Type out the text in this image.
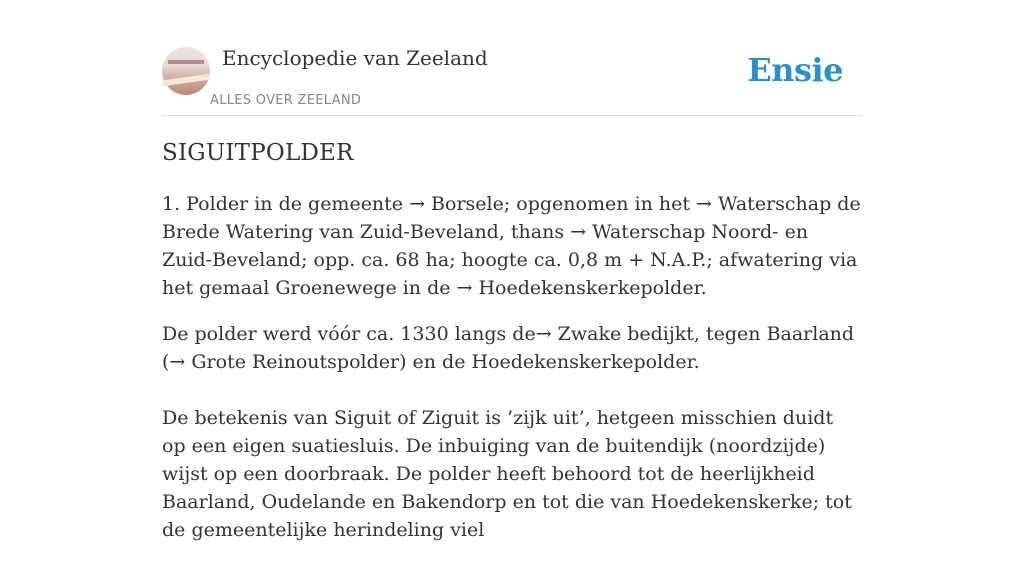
Encyclopedie van Zeeland
ALLES OVER ZEELAND
Ensie
SIGUITPOLDER

1. Polder in de gemeente → Borsele; opgenomen in het → Waterschap de Brede Watering van Zuid-Beveland, thans → Waterschap Noord- en Zuid-Beveland; opp. ca. 68 ha; hoogte ca. 0,8 m + N.A.P.; afwatering via het gemaal Groenewege in de → Hoedekenskerkepolder.

De polder werd vóór ca. 1330 langs de→ Zwake bedijkt, tegen Baarland (→ Grote Reinoutspolder) en de Hoedekenskerkepolder.

De betekenis van Siguit of Ziguit is ’zijk uit’, hetgeen misschien duidt op een eigen suatiesluis. De inbuiging van de buitendijk (noordzijde) wijst op een doorbraak. De polder heeft behoord tot de heerlijkheid Baarland, Oudelande en Bakendorp en tot die van Hoedekenskerke; tot de gemeentelijke herindeling viel
